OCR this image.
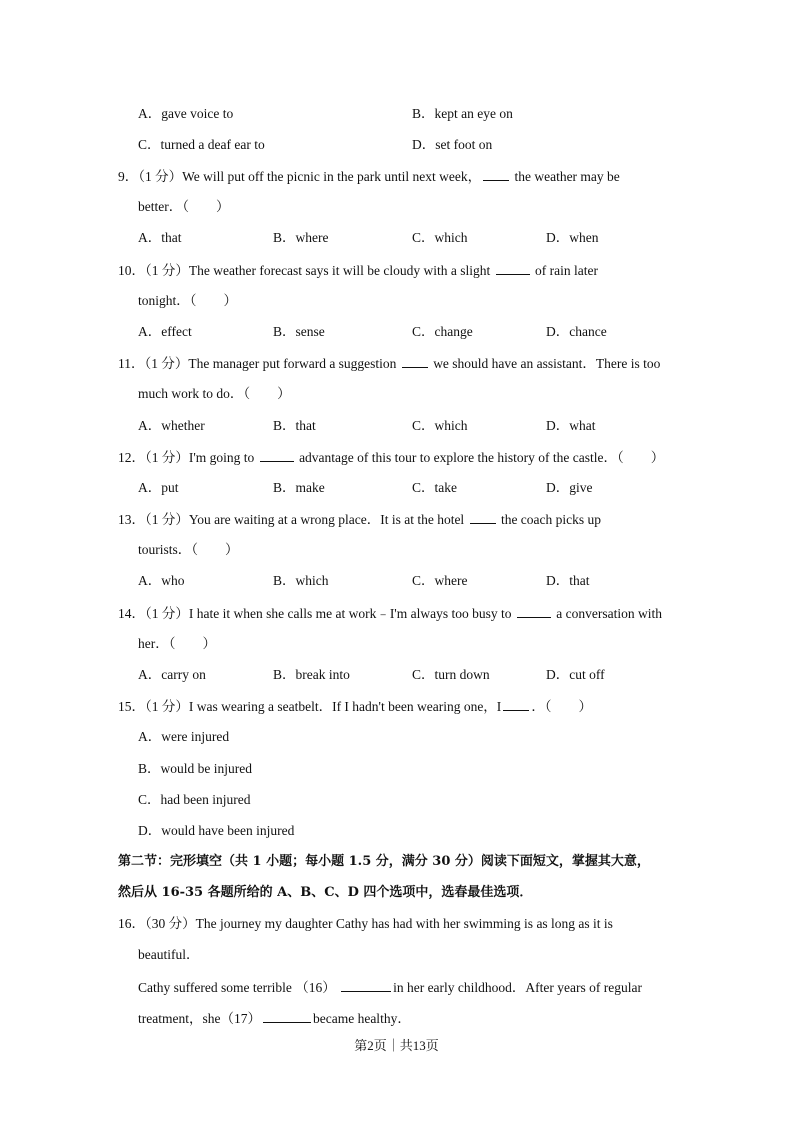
A．gave voice to	B．kept an eye on
C．turned a deaf ear to	D．set foot on
9．（1 分）We will put off the picnic in the park until next week， the weather may be
better．（　　）
A．that	B．where	C．which	D．when
10．（1 分）The weather forecast says it will be cloudy with a slight	of rain later
tonight．（　　）
A．effect	B．sense	C．change	D．chance
11．（1 分）The manager put forward a suggestion	we should have an assistant．There is too
much work to do．（　　）
A．whether	B．that	C．which	D．what
12．（1 分）I'm going to	advantage of this tour to explore the history of the castle．（　　）
A．put	B．make	C．take	D．give
13．（1 分）You are waiting at a wrong place．It is at the hotel	the coach picks up
tourists．（　　）
A．who	B．which	C．where	D．that
14．（1 分）I hate it when she calls me at work﹣I'm always too busy to	a conversation with
her．（　　）
A．carry on	B．break into	C．turn down	D．cut off
15．（1 分）I was wearing a seatbelt．If I hadn't been wearing one，I ．（　　）
A．were injured
B．would be injured
C．had been injured
D．would have been injured
第二节：完形填空（共 1 小题；每小题 1.5 分，满分 30 分）阅读下面短文，掌握其大意，
然后从 16-35 各题所给的 A、B、C、D 四个选项中，选春最佳选项．
16．（30 分）The journey my daughter Cathy has had with her swimming is as long as it is
beautiful．
Cathy suffered some terrible （16）	in her early childhood．After years of regular
treatment，she（17）	became healthy．
第2页｜共13页
